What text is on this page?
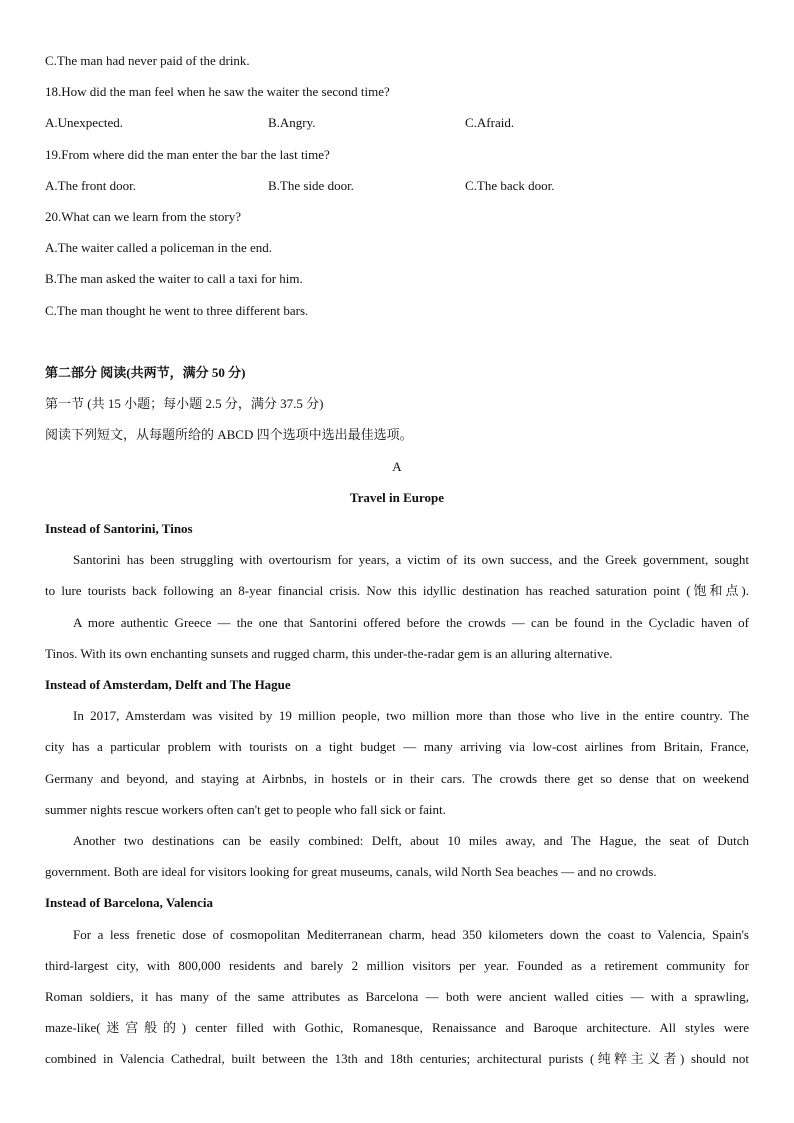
C.The man had never paid of the drink.
18.How did the man feel when he saw the waiter the second time?
A.Unexpected.	B.Angry.	C.Afraid.
19.From where did the man enter the bar the last time?
A.The front door.	B.The side door.	C.The back door.
20.What can we learn from the story?
A.The waiter called a policeman in the end.
B.The man asked the waiter to call a taxi for him.
C.The man thought he went to three different bars.
第二部分 阅读(共两节，满分 50 分)
第一节 (共 15 小题；每小题 2.5 分，满分 37.5 分)
阅读下列短文，从每题所给的 ABCD 四个选项中选出最佳选项。
A
Travel in Europe
Instead of Santorini, Tinos
Santorini has been struggling with overtourism for years, a victim of its own success, and the Greek government, sought
to lure tourists back following an 8-year financial crisis. Now this idyllic destination has reached saturation point (饱和点).
A more authentic Greece — the one that Santorini offered before the crowds — can be found in the Cycladic haven of
Tinos. With its own enchanting sunsets and rugged charm, this under-the-radar gem is an alluring alternative.
Instead of Amsterdam, Delft and The Hague
In 2017, Amsterdam was visited by 19 million people, two million more than those who live in the entire country. The
city has a particular problem with tourists on a tight budget — many arriving via low-cost airlines from Britain, France,
Germany and beyond, and staying at Airbnbs, in hostels or in their cars. The crowds there get so dense that on weekend
summer nights rescue workers often can't get to people who fall sick or faint.
Another two destinations can be easily combined: Delft, about 10 miles away, and The Hague, the seat of Dutch
government. Both are ideal for visitors looking for great museums, canals, wild North Sea beaches — and no crowds.
Instead of Barcelona, Valencia
For a less frenetic dose of cosmopolitan Mediterranean charm, head 350 kilometers down the coast to Valencia, Spain's
third-largest city, with 800,000 residents and barely 2 million visitors per year. Founded as a retirement community for
Roman soldiers, it has many of the same attributes as Barcelona — both were ancient walled cities — with a sprawling,
maze-like(迷宫般的) center filled with Gothic, Romanesque, Renaissance and Baroque architecture. All styles were
combined in Valencia Cathedral, built between the 13th and 18th centuries; architectural purists (纯粹主义者) should not
